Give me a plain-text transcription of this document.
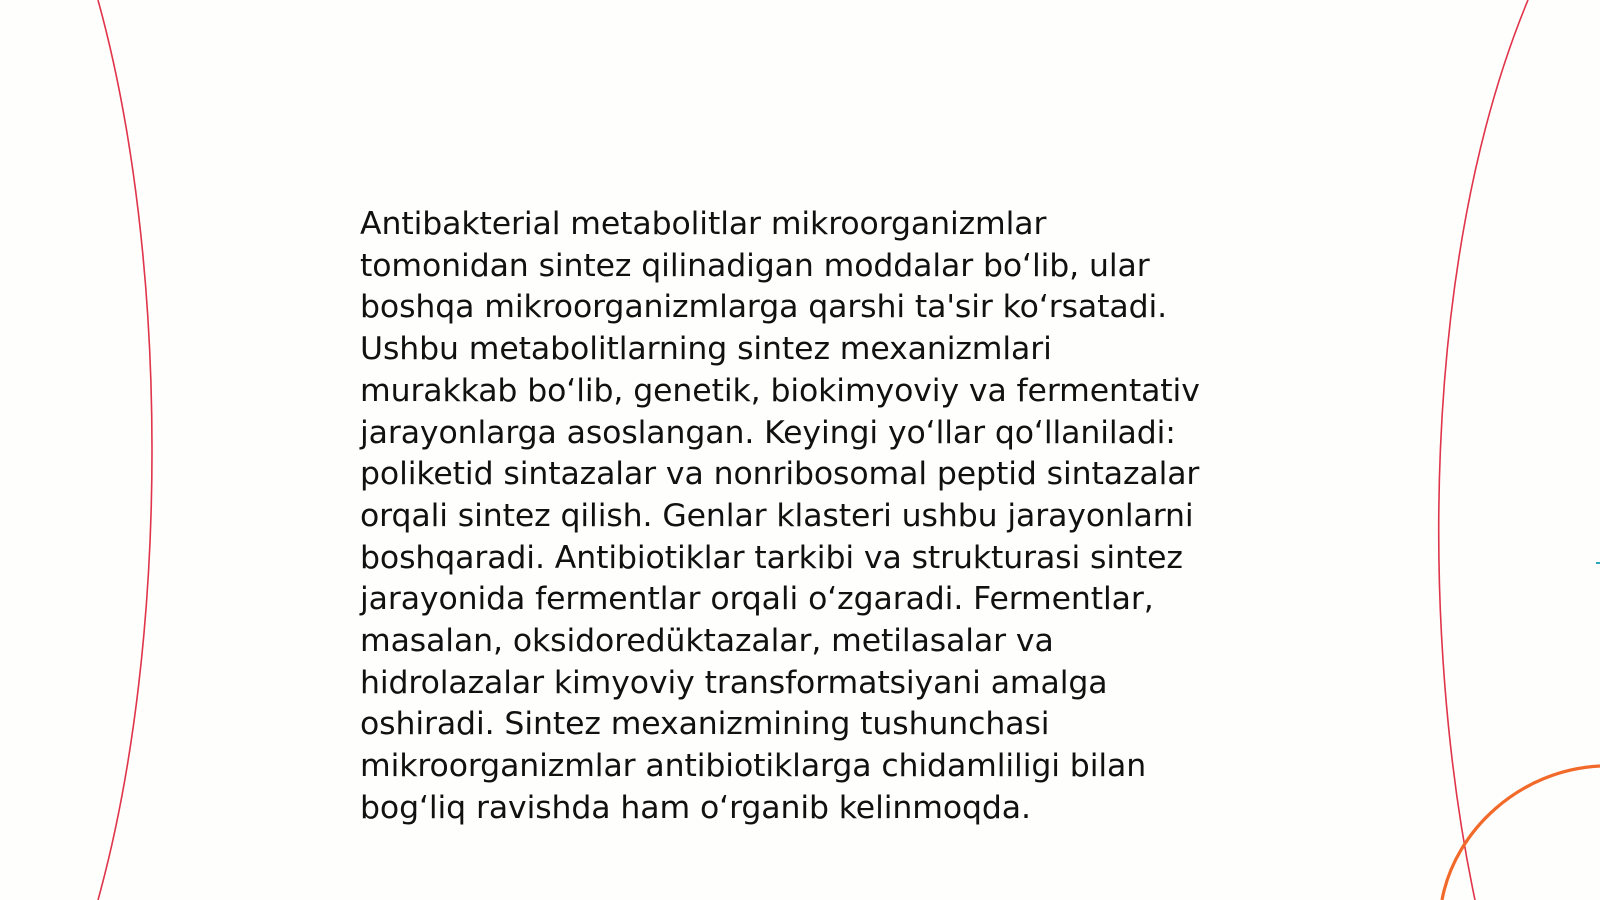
Antibakterial metabolitlar mikroorganizmlar
tomonidan sintez qilinadigan moddalar bo‘lib, ular
boshqa mikroorganizmlarga qarshi ta'sir ko‘rsatadi.
Ushbu metabolitlarning sintez mexanizmlari
murakkab bo‘lib, genetik, biokimyoviy va fermentativ
jarayonlarga asoslangan. Keyingi yo‘llar qo‘llaniladi:
poliketid sintazalar va nonribosomal peptid sintazalar
orqali sintez qilish. Genlar klasteri ushbu jarayonlarni
boshqaradi. Antibiotiklar tarkibi va strukturasi sintez
jarayonida fermentlar orqali o‘zgaradi. Fermentlar,
masalan, oksidoredüktazalar, metilasalar va
hidrolazalar kimyoviy transformatsiyani amalga
oshiradi. Sintez mexanizmining tushunchasi
mikroorganizmlar antibiotiklarga chidamliligi bilan
bog‘liq ravishda ham o‘rganib kelinmoqda.
